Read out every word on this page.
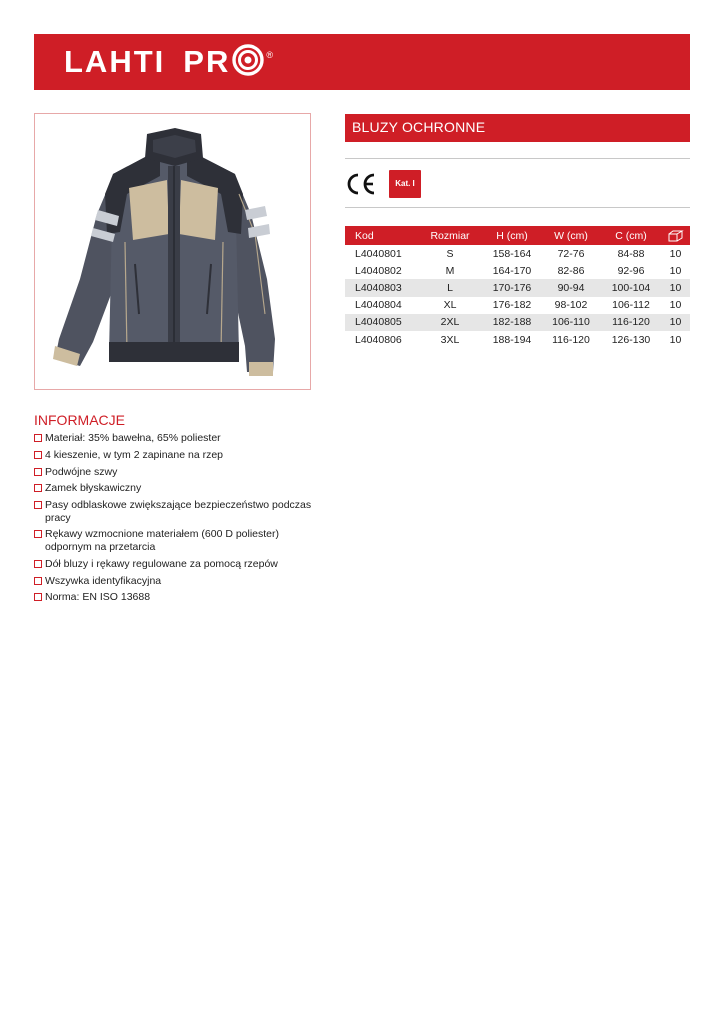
LAHTI PR	®
BLUZY OCHRONNE
Kat. I
Kod	Rozmiar	H (cm)	W (cm)	C (cm)	
L4040801	S	158-164	72-76	84-88	10
L4040802	M	164-170	82-86	92-96	10
L4040803	L	170-176	90-94	100-104	10
L4040804	XL	176-182	98-102	106-112	10
L4040805	2XL	182-188	106-110	116-120	10
L4040806	3XL	188-194	116-120	126-130	10
INFORMACJE
Materiał: 35% bawełna, 65% poliester
4 kieszenie, w tym 2 zapinane na rzep
Podwójne szwy
Zamek błyskawiczny
Pasy odblaskowe zwiększające bezpieczeństwo podczas pracy
Rękawy wzmocnione materiałem (600 D poliester) odpornym na przetarcia
Dół bluzy i rękawy regulowane za pomocą rzepów
Wszywka identyfikacyjna
Norma: EN ISO 13688
